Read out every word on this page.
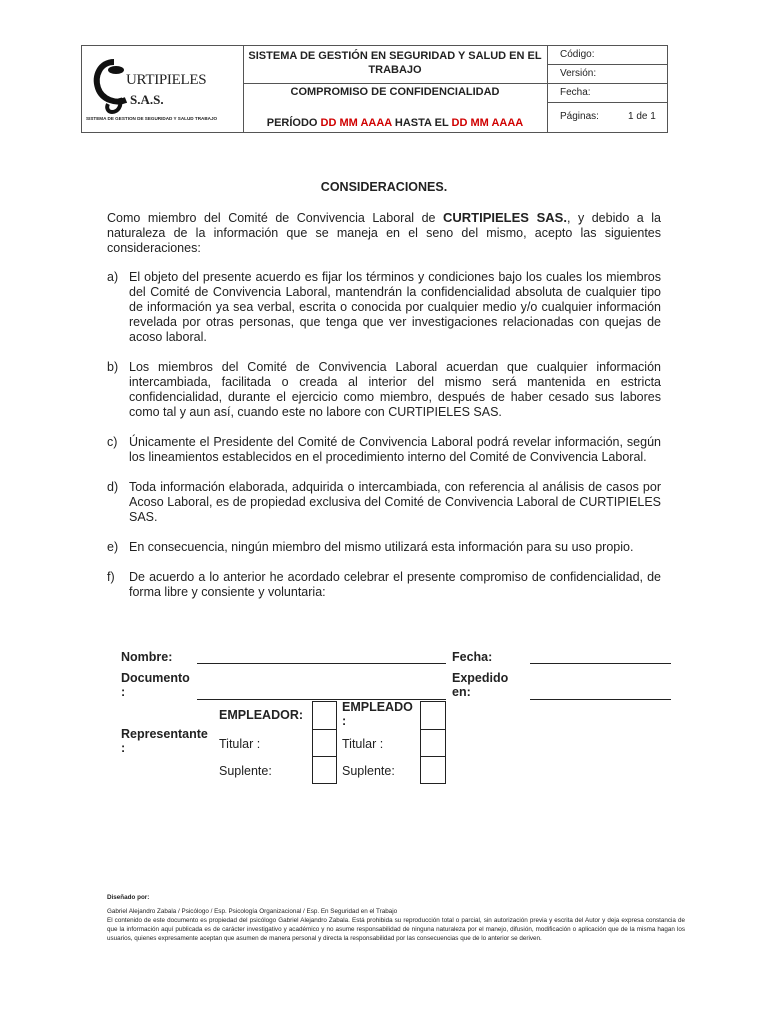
URTIPIELES
S.A.S.
SISTEMA DE GESTION DE SEGURIDAD Y SALUD TRABAJO
SISTEMA DE GESTIÓN EN SEGURIDAD Y SALUD EN EL TRABAJO
COMPROMISO DE CONFIDENCIALIDAD
PERÍODO DD MM AAAA HASTA EL DD MM AAAA
Código:
Versión:
Fecha:
Páginas:	1 de 1
CONSIDERACIONES.
Como miembro del Comité de Convivencia Laboral de CURTIPIELES SAS., y debido a la naturaleza de la información que se maneja en el seno del mismo, acepto las siguientes consideraciones:
a) El objeto del presente acuerdo es fijar los términos y condiciones bajo los cuales los miembros del Comité de Convivencia Laboral, mantendrán la confidencialidad absoluta de cualquier tipo de información ya sea verbal, escrita o conocida por cualquier medio y/o cualquier información revelada por otras personas, que tenga que ver investigaciones relacionadas con quejas de acoso laboral.
b) Los miembros del Comité de Convivencia Laboral acuerdan que cualquier información intercambiada, facilitada o creada al interior del mismo será mantenida en estricta confidencialidad, durante el ejercicio como miembro, después de haber cesado sus labores como tal y aun así, cuando este no labore con CURTIPIELES SAS.
c) Únicamente el Presidente del Comité de Convivencia Laboral podrá revelar información, según los lineamientos establecidos en el procedimiento interno del Comité de Convivencia Laboral.
d) Toda información elaborada, adquirida o intercambiada, con referencia al análisis de casos por Acoso Laboral, es de propiedad exclusiva del Comité de Convivencia Laboral de CURTIPIELES SAS.
e) En consecuencia, ningún miembro del mismo utilizará esta información para su uso propio.
f) De acuerdo a lo anterior he acordado celebrar el presente compromiso de confidencialidad, de forma libre y consiente y voluntaria:
Nombre:	Fecha:
Documento
:
Expedido
en:
Representante
:
EMPLEADOR:
EMPLEADO
:
Titular :
Suplente:
Titular :
Suplente:
Diseñado por:
Gabriel Alejandro Zabala / Psicólogo / Esp. Psicología Organizacional / Esp. En Seguridad en el Trabajo
El contenido de este documento es propiedad del psicólogo Gabriel Alejandro Zabala. Está prohibida su reproducción total o parcial, sin autorización previa y escrita del Autor y deja expresa constancia de que la información aquí publicada es de carácter investigativo y académico y no asume responsabilidad de ninguna naturaleza por el manejo, difusión, modificación o aplicación que de la misma hagan los usuarios, quienes expresamente aceptan que asumen de manera personal y directa la responsabilidad por las consecuencias que de lo anterior se deriven.
